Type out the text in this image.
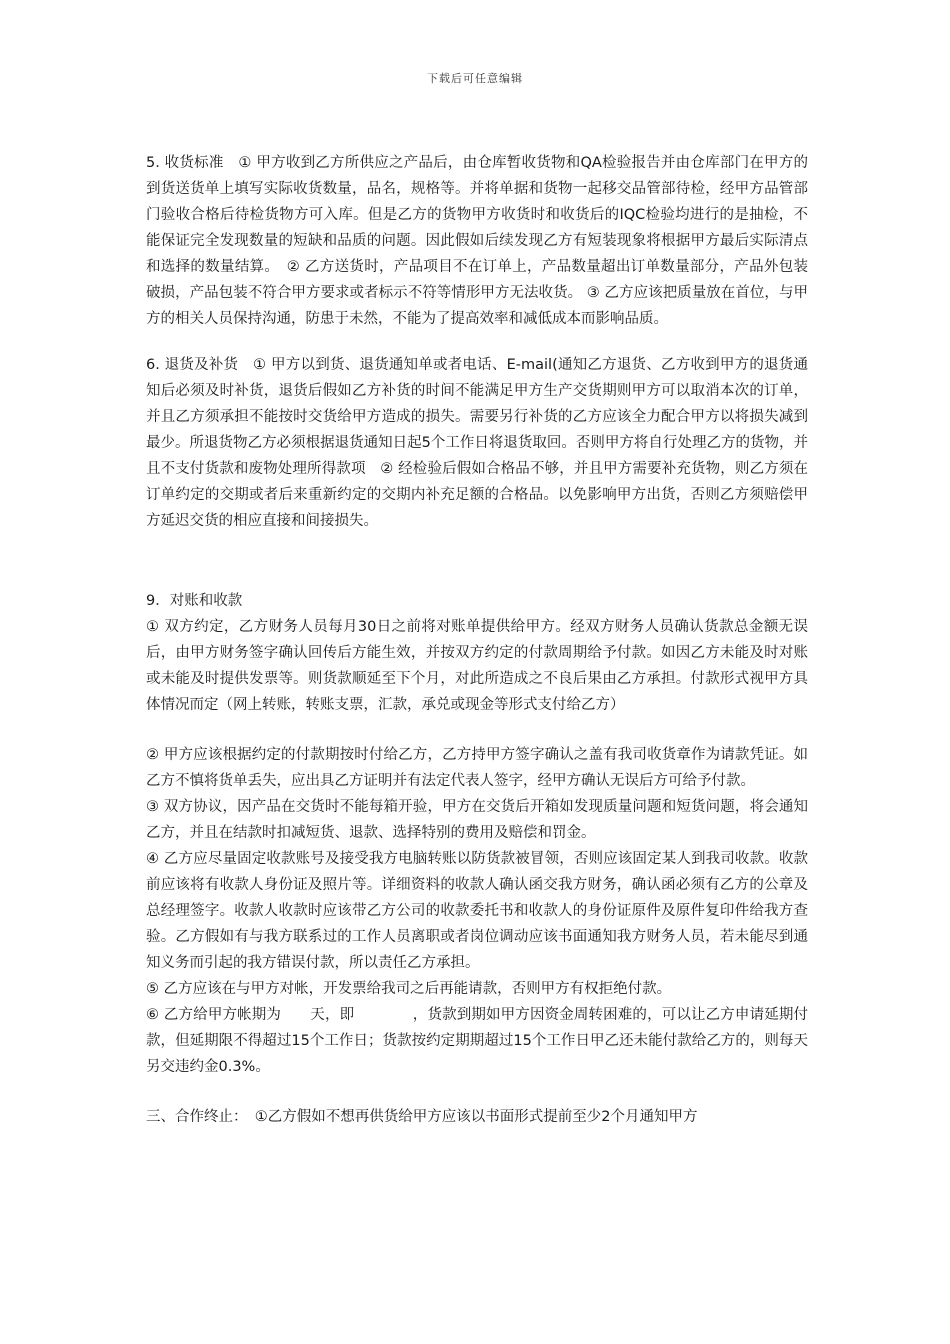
下载后可任意编辑

5. 收货标准　① 甲方收到乙方所供应之产品后，由仓库暂收货物和QA检验报告并由仓库部门在甲方的到货送货单上填写实际收货数量，品名，规格等。并将单据和货物一起移交品管部待检，经甲方品管部门验收合格后待检货物方可入库。但是乙方的货物甲方收货时和收货后的IQC检验均进行的是抽检，不能保证完全发现数量的短缺和品质的问题。因此假如后续发现乙方有短装现象将根据甲方最后实际清点和选择的数量结算。　② 乙方送货时，产品项目不在订单上，产品数量超出订单数量部分，产品外包装破损，产品包装不符合甲方要求或者标示不符等情形甲方无法收货。 ③ 乙方应该把质量放在首位，与甲方的相关人员保持沟通，防患于未然，不能为了提高效率和减低成本而影响品质。

6. 退货及补货　① 甲方以到货、退货通知单或者电话、E-mail(通知乙方退货、乙方收到甲方的退货通知后必须及时补货，退货后假如乙方补货的时间不能满足甲方生产交货期则甲方可以取消本次的订单，并且乙方须承担不能按时交货给甲方造成的损失。需要另行补货的乙方应该全力配合甲方以将损失减到最少。所退货物乙方必须根据退货通知日起5个工作日将退货取回。否则甲方将自行处理乙方的货物，并且不支付货款和废物处理所得款项　② 经检验后假如合格品不够，并且甲方需要补充货物，则乙方须在订单约定的交期或者后来重新约定的交期内补充足额的合格品。以免影响甲方出货，否则乙方须赔偿甲方延迟交货的相应直接和间接损失。

9．对账和收款

① 双方约定，乙方财务人员每月30日之前将对账单提供给甲方。经双方财务人员确认货款总金额无误后，由甲方财务签字确认回传后方能生效，并按双方约定的付款周期给予付款。如因乙方未能及时对账或未能及时提供发票等。则货款顺延至下个月，对此所造成之不良后果由乙方承担。付款形式视甲方具体情况而定（网上转账，转账支票，汇款，承兑或现金等形式支付给乙方）

② 甲方应该根据约定的付款期按时付给乙方，乙方持甲方签字确认之盖有我司收货章作为请款凭证。如乙方不慎将货单丢失，应出具乙方证明并有法定代表人签字，经甲方确认无误后方可给予付款。

③ 双方协议，因产品在交货时不能每箱开验，甲方在交货后开箱如发现质量问题和短货问题，将会通知乙方，并且在结款时扣减短货、退款、选择特别的费用及赔偿和罚金。

④ 乙方应尽量固定收款账号及接受我方电脑转账以防货款被冒领，否则应该固定某人到我司收款。收款前应该将有收款人身份证及照片等。详细资料的收款人确认函交我方财务，确认函必须有乙方的公章及总经理签字。收款人收款时应该带乙方公司的收款委托书和收款人的身份证原件及原件复印件给我方查验。乙方假如有与我方联系过的工作人员离职或者岗位调动应该书面通知我方财务人员，若未能尽到通知义务而引起的我方错误付款，所以责任乙方承担。

⑤ 乙方应该在与甲方对帐，开发票给我司之后再能请款，否则甲方有权拒绝付款。

⑥ 乙方给甲方帐期为　　天，即　　　　，货款到期如甲方因资金周转困难的，可以让乙方申请延期付款，但延期限不得超过15个工作日；货款按约定期期超过15个工作日甲乙还未能付款给乙方的，则每天另交违约金0.3%。

三、合作终止：　①乙方假如不想再供货给甲方应该以书面形式提前至少2个月通知甲方
